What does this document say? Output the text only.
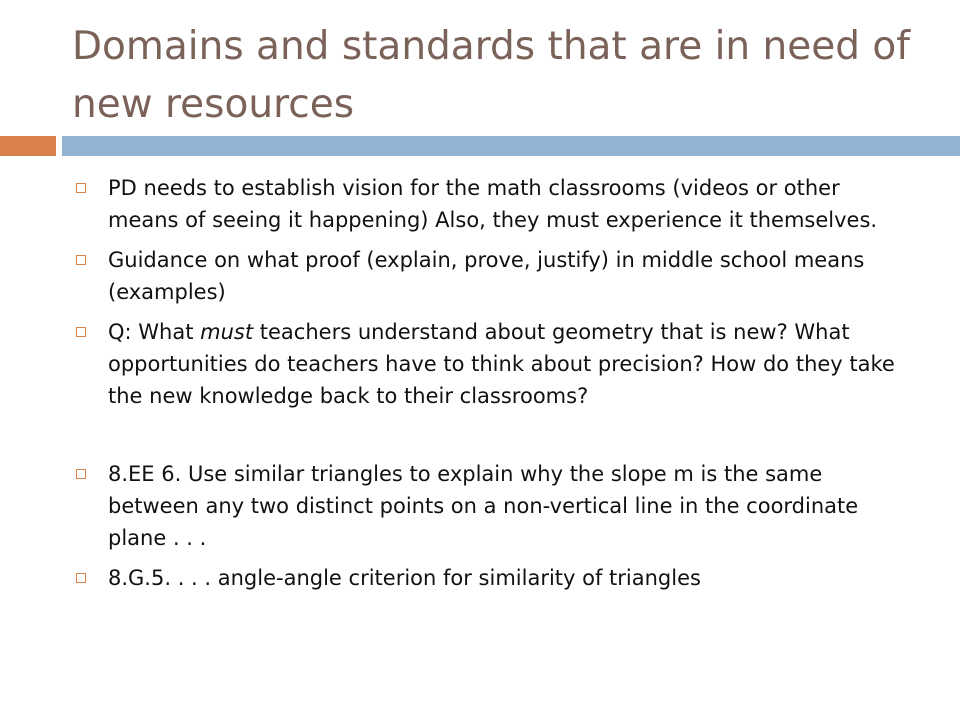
Domains and standards that are in need of new resources
PD needs to establish vision for the math classrooms (videos or other means of seeing it happening) Also, they must experience it themselves.
Guidance on what proof (explain, prove, justify) in middle school means (examples)
Q: What must teachers understand about geometry that is new? What opportunities do teachers have to think about precision? How do they take the new knowledge back to their classrooms?
8.EE 6. Use similar triangles to explain why the slope m is the same between any two distinct points on a non-vertical line in the coordinate plane . . .
8.G.5. . . . angle-angle criterion for similarity of triangles
